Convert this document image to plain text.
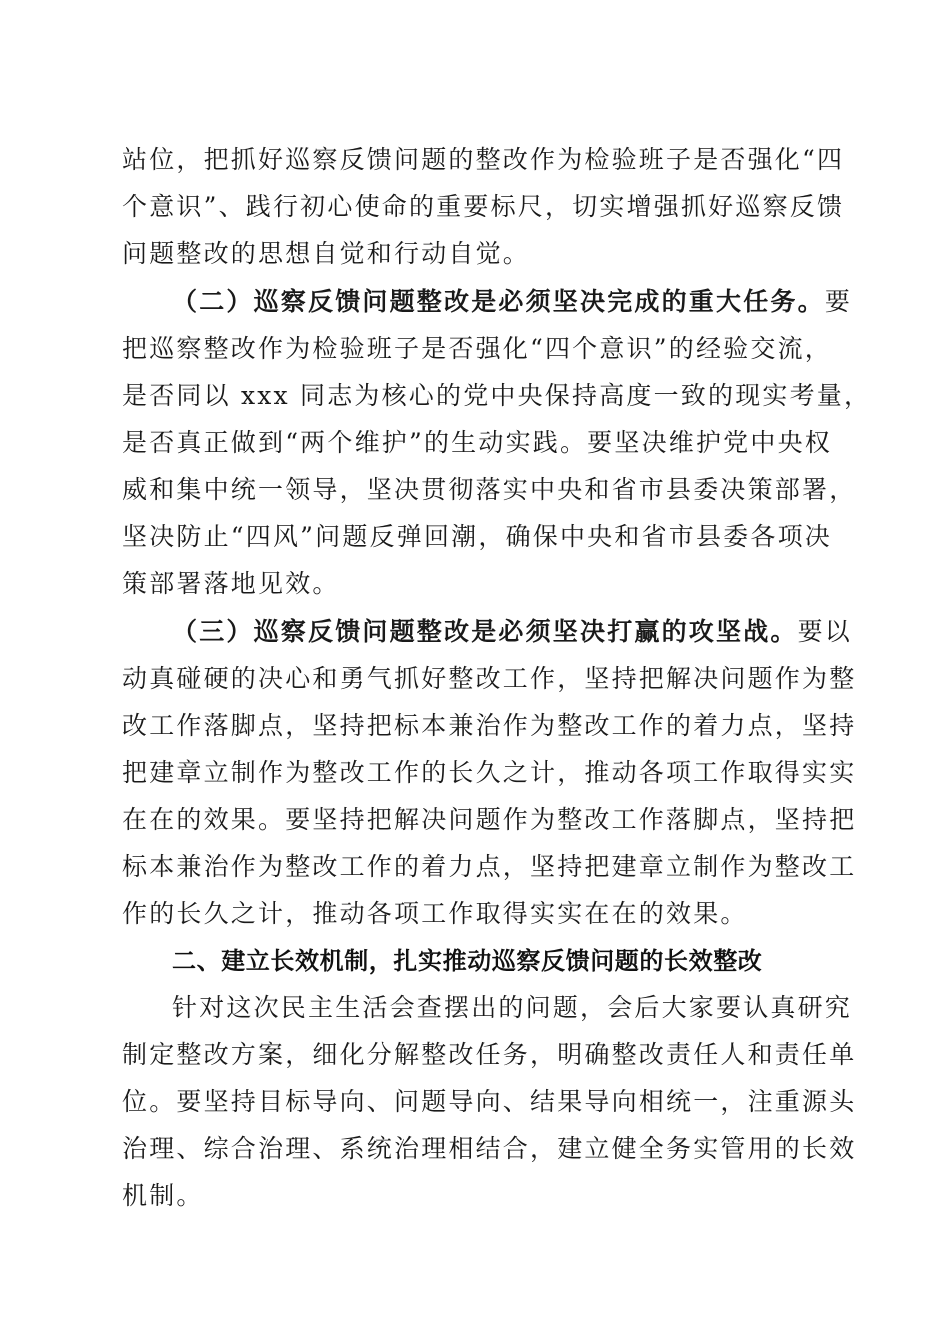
站位，把抓好巡察反馈问题的整改作为检验班子是否强化“四
个意识”、践行初心使命的重要标尺，切实增强抓好巡察反馈
问题整改的思想自觉和行动自觉。
（二）巡察反馈问题整改是必须坚决完成的重大任务。要
把巡察整改作为检验班子是否强化“四个意识”的经验交流，
是否同以 xxx 同志为核心的党中央保持高度一致的现实考量，
是否真正做到“两个维护”的生动实践。要坚决维护党中央权
威和集中统一领导，坚决贯彻落实中央和省市县委决策部署，
坚决防止“四风”问题反弹回潮，确保中央和省市县委各项决
策部署落地见效。
（三）巡察反馈问题整改是必须坚决打赢的攻坚战。要以
动真碰硬的决心和勇气抓好整改工作，坚持把解决问题作为整
改工作落脚点，坚持把标本兼治作为整改工作的着力点，坚持
把建章立制作为整改工作的长久之计，推动各项工作取得实实
在在的效果。要坚持把解决问题作为整改工作落脚点，坚持把
标本兼治作为整改工作的着力点，坚持把建章立制作为整改工
作的长久之计，推动各项工作取得实实在在的效果。
二、建立长效机制，扎实推动巡察反馈问题的长效整改
针对这次民主生活会查摆出的问题，会后大家要认真研究
制定整改方案，细化分解整改任务，明确整改责任人和责任单
位。要坚持目标导向、问题导向、结果导向相统一，注重源头
治理、综合治理、系统治理相结合，建立健全务实管用的长效
机制。
